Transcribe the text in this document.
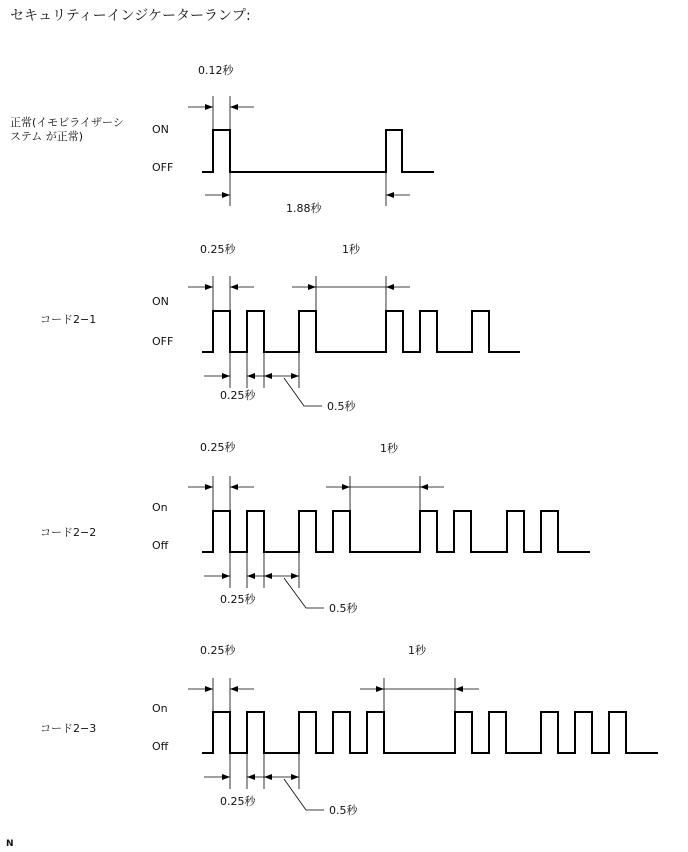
セキュリティーインジケーターランプ:
正常(イモビライザーシ
ステム が正常)
ON
OFF
0.12秒
1.88秒
コード2−1
ON
OFF
0.25秒	1秒
0.25秒
0.5秒
コード2−2
On
Off
0.25秒	1秒
0.25秒
0.5秒
コード2−3
On
Off
0.25秒	1秒
0.25秒
0.5秒
N
